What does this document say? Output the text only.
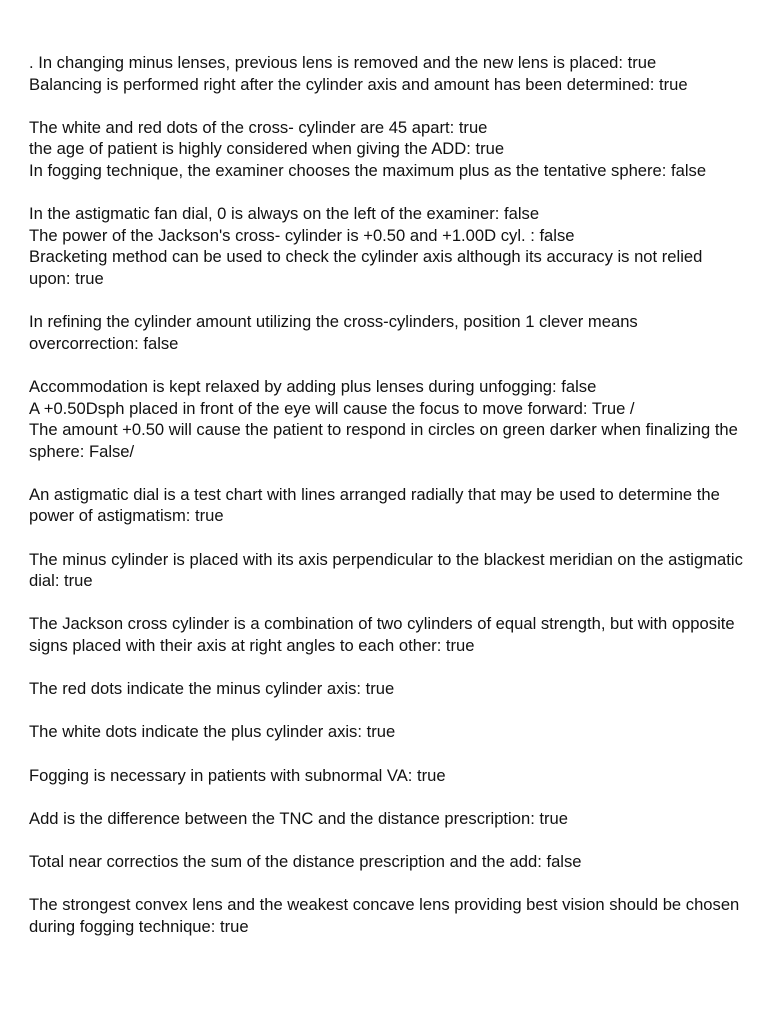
. In changing minus lenses, previous lens is removed and the new lens is placed: true
Balancing is performed right after the cylinder axis and amount has been determined: true
The white and red dots of the cross- cylinder are 45 apart: true
the age of patient is highly considered when giving the ADD: true
In fogging technique, the examiner chooses the maximum plus as the tentative sphere: false
In the astigmatic fan dial, 0 is always on the left of the examiner: false
The power of the Jackson's cross- cylinder is +0.50 and +1.00D cyl. : false
Bracketing method can be used to check the cylinder axis although its accuracy is not relied upon: true
In refining the cylinder amount utilizing the cross-cylinders, position 1 clever means overcorrection: false
Accommodation is kept relaxed by adding plus lenses during unfogging: false
A +0.50Dsph placed in front of the eye will cause the focus to move forward: True /
The amount +0.50 will cause the patient to respond in circles on green darker when finalizing the sphere: False/
An astigmatic dial is a test chart with lines arranged radially that may be used to determine the power of astigmatism: true
The minus cylinder is placed with its axis perpendicular to the blackest meridian on the astigmatic dial: true
The Jackson cross cylinder is a combination of two cylinders of equal strength, but with opposite signs placed with their axis at right angles to each other: true
The red dots indicate the minus cylinder axis: true
The white dots indicate the plus cylinder axis: true
Fogging is necessary in patients with subnormal VA: true
Add is the difference between the TNC and the distance prescription: true
Total near correctios the sum of the distance prescription and the add: false
The strongest convex lens and the weakest concave lens providing best vision should be chosen during fogging technique: true
